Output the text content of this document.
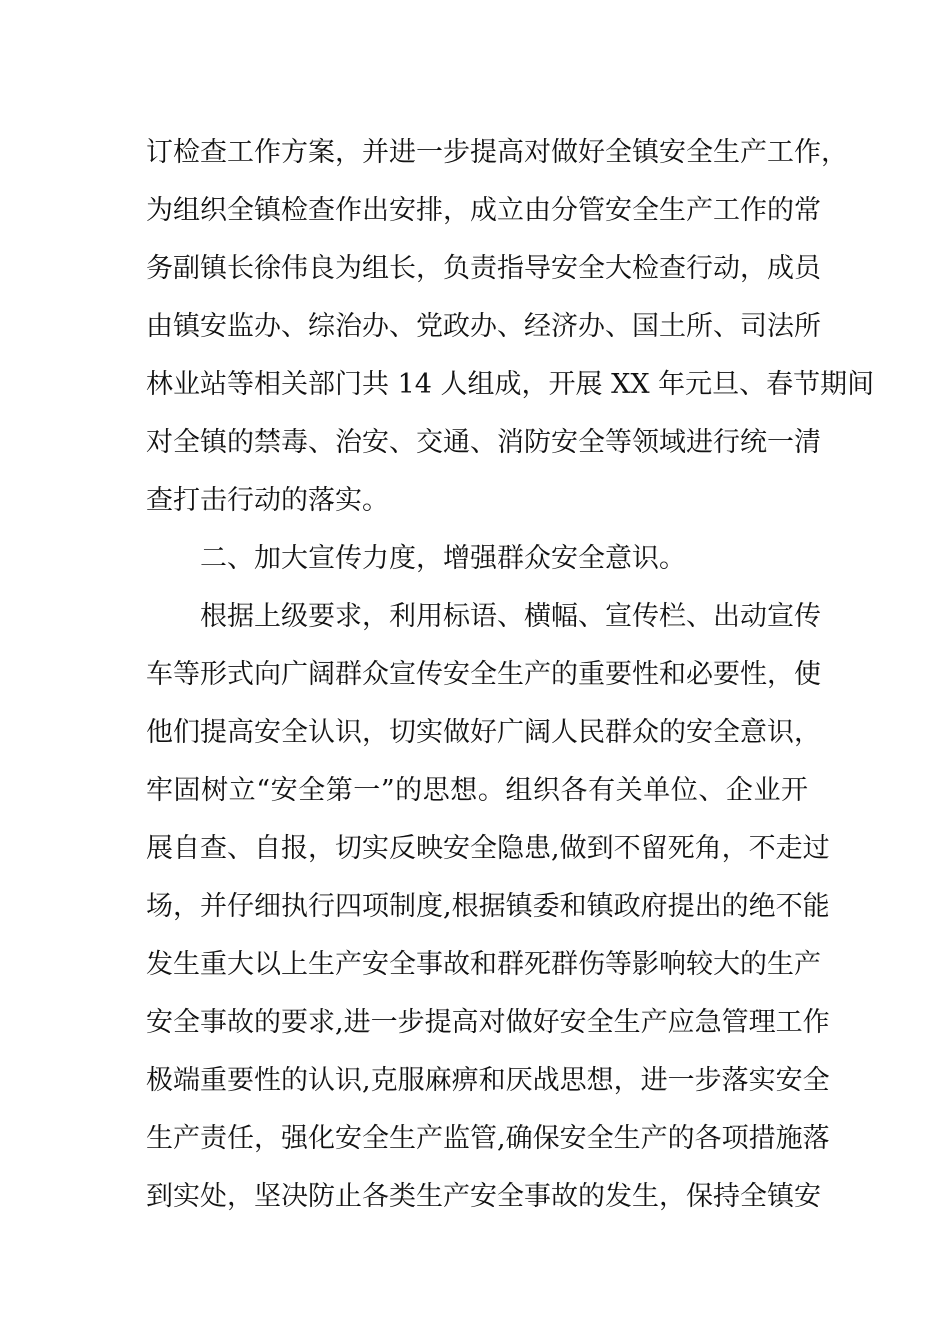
订检查工作方案，并进一步提高对做好全镇安全生产工作，
为组织全镇检查作出安排，成立由分管安全生产工作的常
务副镇长徐伟良为组长，负责指导安全大检查行动，成员
由镇安监办、综治办、党政办、经济办、国土所、司法所
林业站等相关部门共 14 人组成，开展 XX 年元旦、春节期间
对全镇的禁毒、治安、交通、消防安全等领域进行统一清
查打击行动的落实。
二、加大宣传力度，增强群众安全意识。
根据上级要求，利用标语、横幅、宣传栏、出动宣传
车等形式向广阔群众宣传安全生产的重要性和必要性，使
他们提高安全认识，切实做好广阔人民群众的安全意识，
牢固树立“安全第一”的思想。组织各有关单位、企业开
展自查、自报，切实反映安全隐患,做到不留死角，不走过
场，并仔细执行四项制度,根据镇委和镇政府提出的绝不能
发生重大以上生产安全事故和群死群伤等影响较大的生产
安全事故的要求,进一步提高对做好安全生产应急管理工作
极端重要性的认识,克服麻痹和厌战思想，进一步落实安全
生产责任，强化安全生产监管,确保安全生产的各项措施落
到实处，坚决防止各类生产安全事故的发生，保持全镇安
